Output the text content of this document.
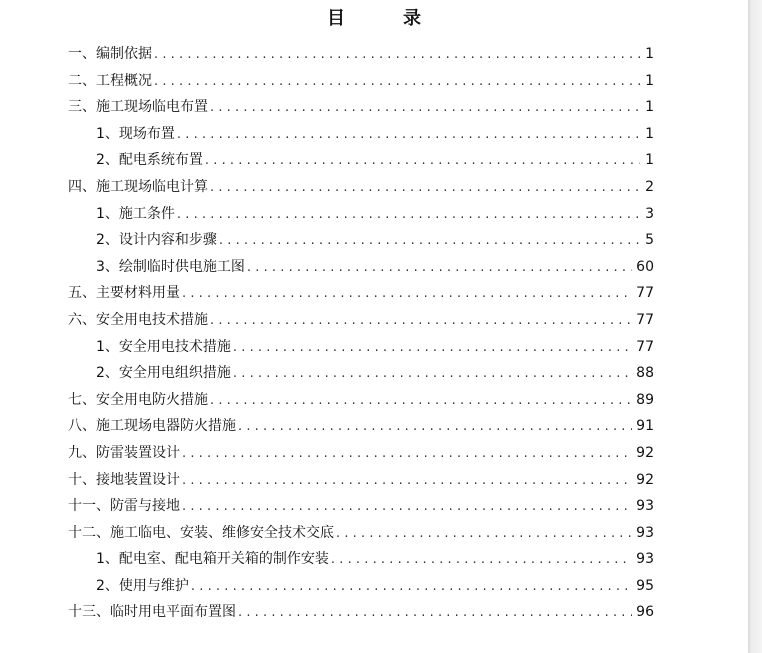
目　录
一、编制依据 .....	1
二、工程概况 .....	1
三、施工现场临电布置 .....	1
1、现场布置 .....	1
2、配电系统布置 .....	1
四、施工现场临电计算 .....	2
1、施工条件 .....	3
2、设计内容和步骤 .....	5
3、绘制临时供电施工图 .....	60
五、主要材料用量 .....	77
六、安全用电技术措施 .....	77
1、安全用电技术措施 .....	77
2、安全用电组织措施 .....	88
七、安全用电防火措施 .....	89
八、施工现场电器防火措施 .....	91
九、防雷装置设计 .....	92
十、接地装置设计 .....	92
十一、防雷与接地 .....	93
十二、施工临电、安装、维修安全技术交底 .....	93
1、配电室、配电箱开关箱的制作安装 .....	93
2、使用与维护 .....	95
十三、临时用电平面布置图 .....	96
